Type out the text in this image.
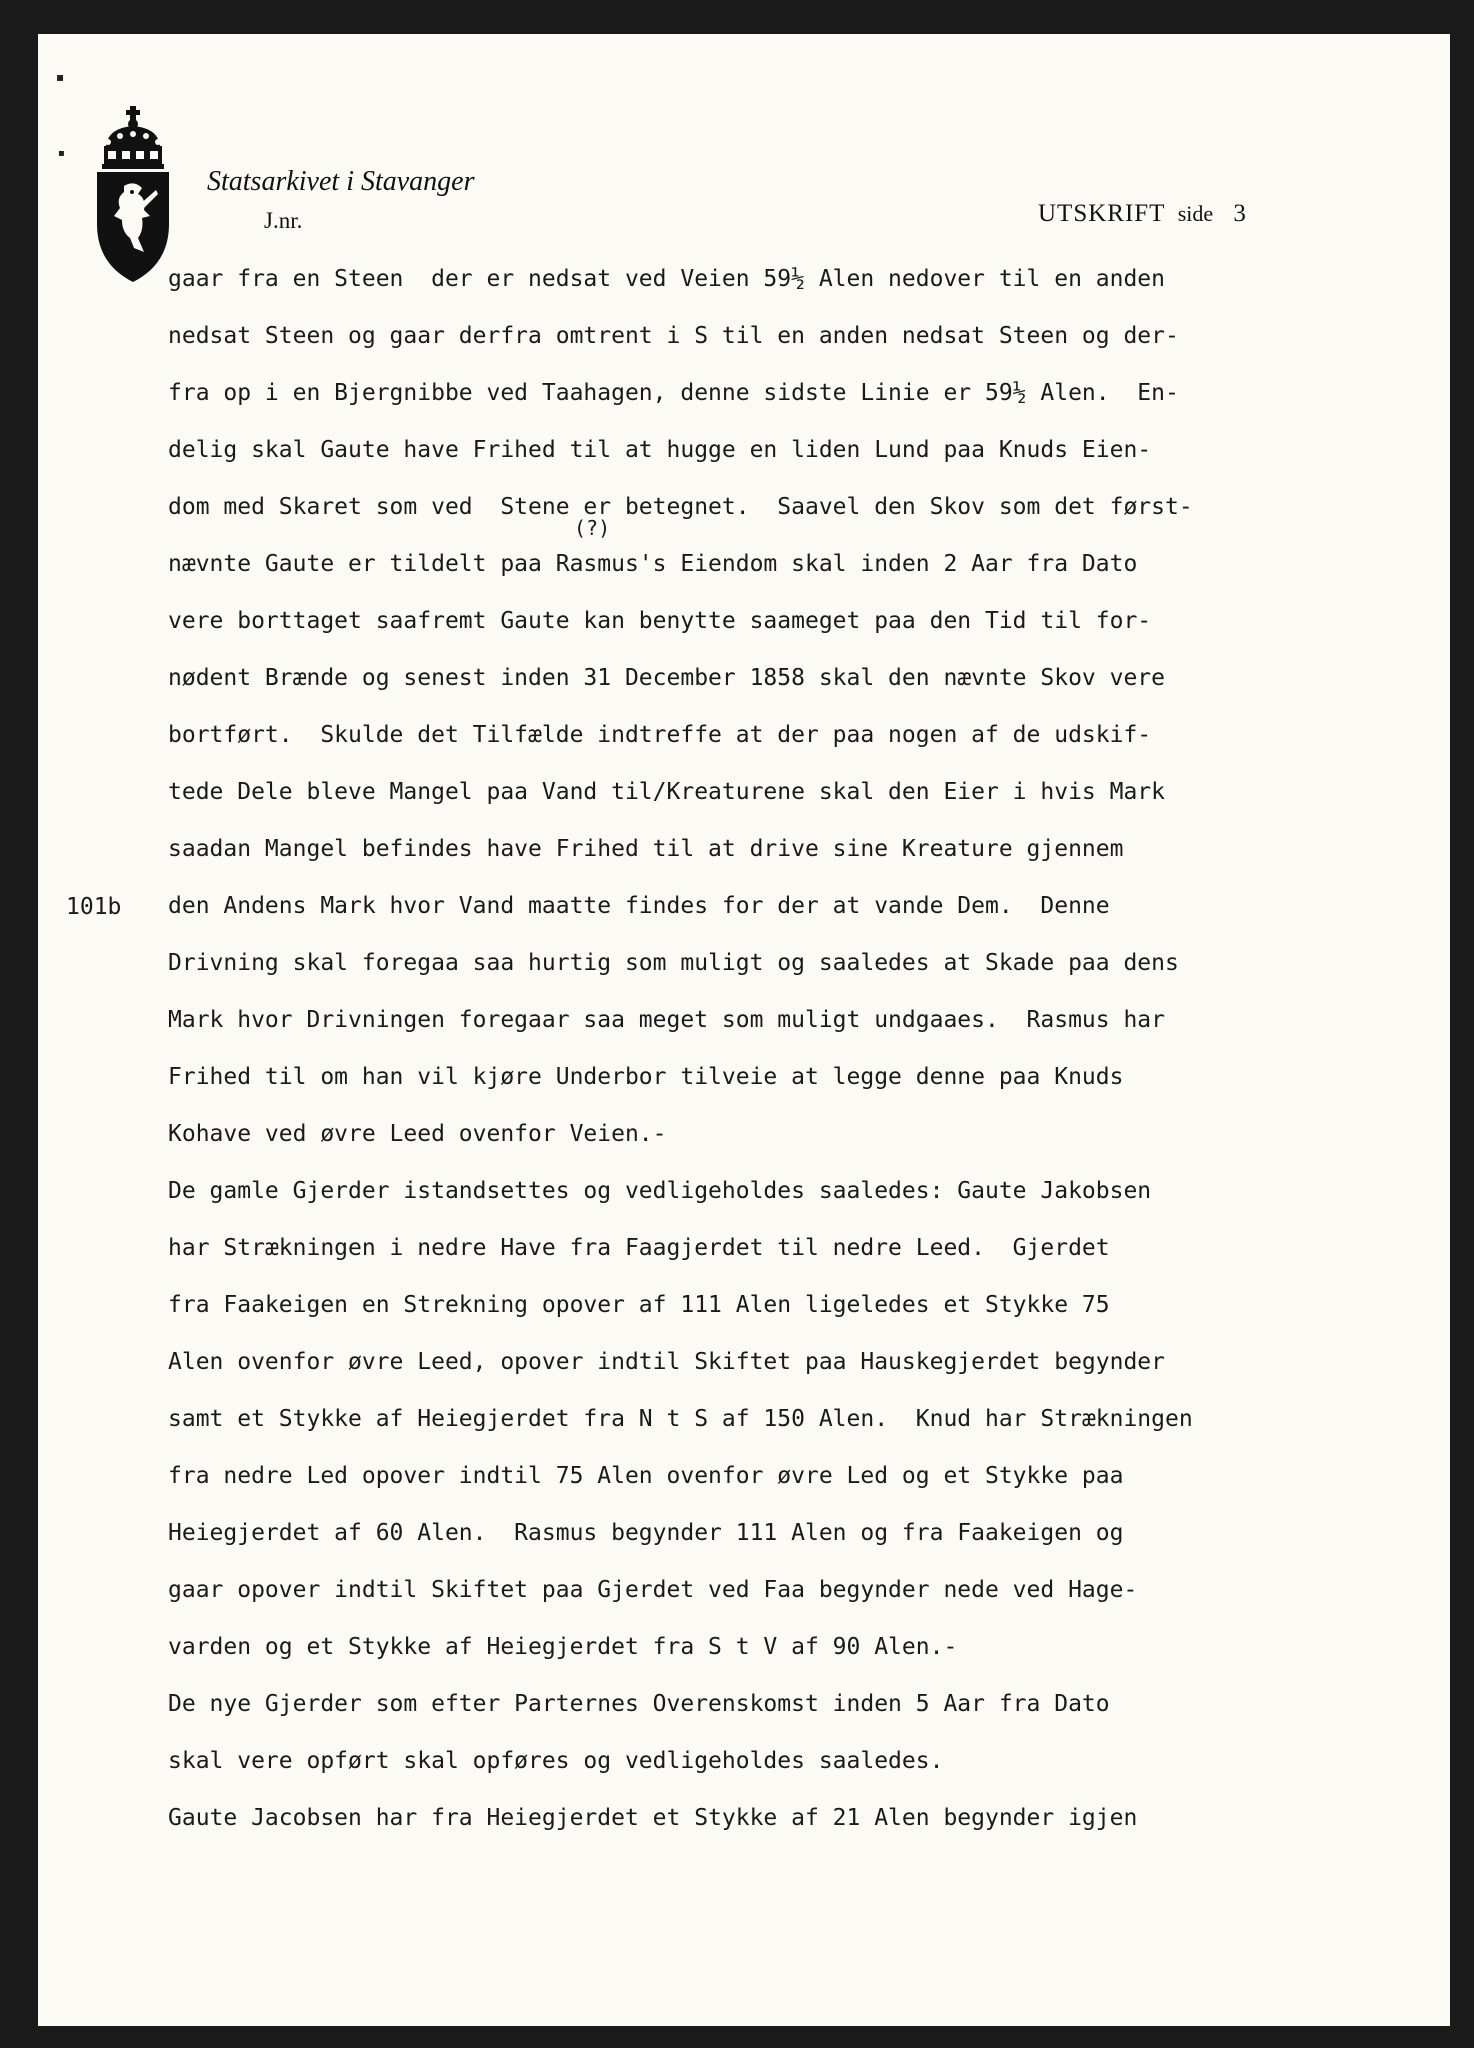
▪
▪
Statsarkivet i Stavanger
J.nr.	UTSKRIFT side 3
101b
(?)
gaar fra en Steen  der er nedsat ved Veien 59½ Alen nedover til en anden
nedsat Steen og gaar derfra omtrent i S til en anden nedsat Steen og der-
fra op i en Bjergnibbe ved Taahagen, denne sidste Linie er 59½ Alen.  En-
delig skal Gaute have Frihed til at hugge en liden Lund paa Knuds Eien-
dom med Skaret som ved  Stene er betegnet.  Saavel den Skov som det først-
nævnte Gaute er tildelt paa Rasmus's Eiendom skal inden 2 Aar fra Dato
vere borttaget saafremt Gaute kan benytte saameget paa den Tid til for-
nødent Brænde og senest inden 31 December 1858 skal den nævnte Skov vere
bortført.  Skulde det Tilfælde indtreffe at der paa nogen af de udskif-
tede Dele bleve Mangel paa Vand til/Kreaturene skal den Eier i hvis Mark
saadan Mangel befindes have Frihed til at drive sine Kreature gjennem
den Andens Mark hvor Vand maatte findes for der at vande Dem.  Denne
Drivning skal foregaa saa hurtig som muligt og saaledes at Skade paa dens
Mark hvor Drivningen foregaar saa meget som muligt undgaaes.  Rasmus har
Frihed til om han vil kjøre Underbor tilveie at legge denne paa Knuds
Kohave ved øvre Leed ovenfor Veien.-
De gamle Gjerder istandsettes og vedligeholdes saaledes: Gaute Jakobsen
har Strækningen i nedre Have fra Faagjerdet til nedre Leed.  Gjerdet
fra Faakeigen en Strekning opover af 111 Alen ligeledes et Stykke 75
Alen ovenfor øvre Leed, opover indtil Skiftet paa Hauskegjerdet begynder
samt et Stykke af Heiegjerdet fra N t S af 150 Alen.  Knud har Strækningen
fra nedre Led opover indtil 75 Alen ovenfor øvre Led og et Stykke paa
Heiegjerdet af 60 Alen.  Rasmus begynder 111 Alen og fra Faakeigen og
gaar opover indtil Skiftet paa Gjerdet ved Faa begynder nede ved Hage-
varden og et Stykke af Heiegjerdet fra S t V af 90 Alen.-
De nye Gjerder som efter Parternes Overenskomst inden 5 Aar fra Dato
skal vere opført skal opføres og vedligeholdes saaledes.
Gaute Jacobsen har fra Heiegjerdet et Stykke af 21 Alen begynder igjen
